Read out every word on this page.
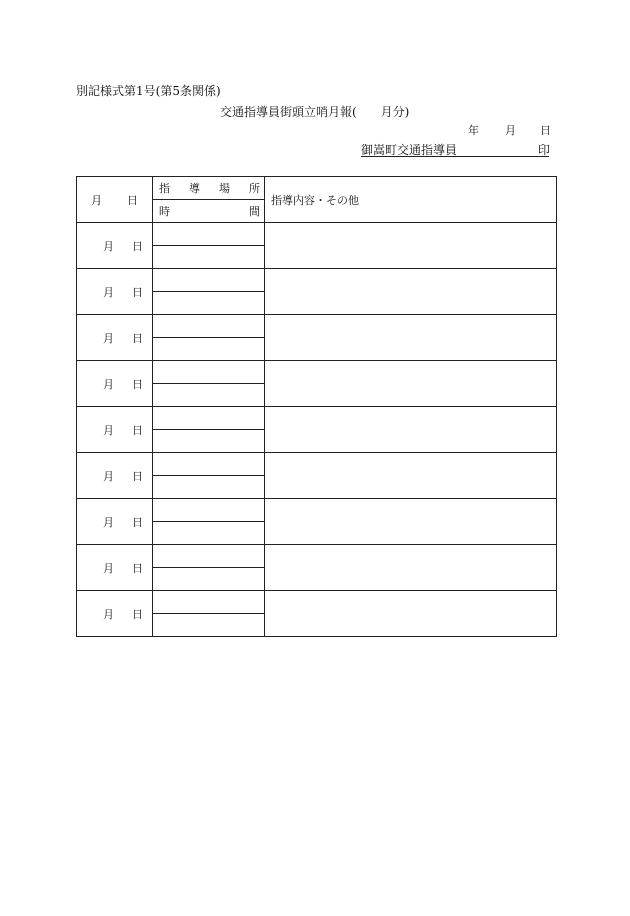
別記様式第1号(第5条関係)
交通指導員街頭立哨月報(　　月分)
年 月 日
御嵩町交通指導員	印
月 日	指 導 場 所	指導内容・その他

	時 間	

月 日		

月 日		

月 日		

月 日		

月 日		

月 日		

月 日		

月 日		

月 日		
